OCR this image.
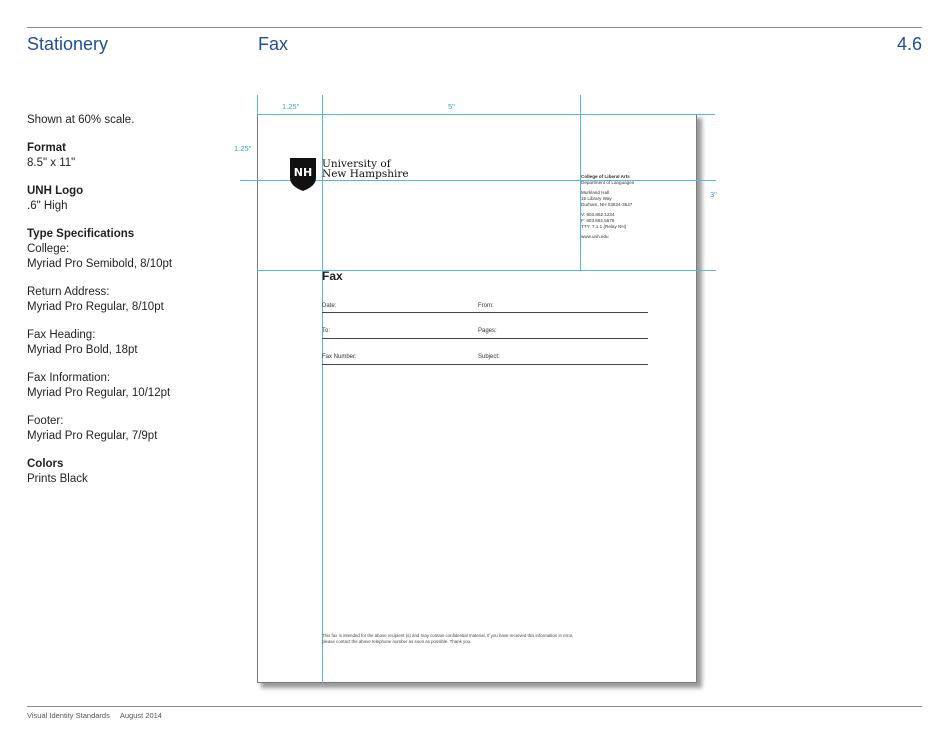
Stationery	Fax	4.6
Shown at 60% scale.
Format
8.5" x 11"
UNH Logo
.6" High
Type Specifications
College:
Myriad Pro Semibold, 8/10pt
Return Address:
Myriad Pro Regular, 8/10pt
Fax Heading:
Myriad Pro Bold, 18pt
Fax Information:
Myriad Pro Regular, 10/12pt
Footer:
Myriad Pro Regular, 7/9pt
Colors
Prints Black
1.25"	5"
1.25"
3"
NH
University of
New Hampshire	College of Liberal Arts
Department of Languages
Murkland Hall
15 Library Way
Durham, NH 03824-3547
V: 603.862.1234
F: 603.862.5678
TTY: 7.1.1 (Relay NH)
www.unh.edu
Fax
Date:	From:
To:	Pages:
Fax Number:	Subject:
This fax is intended for the above recipient (s) and may contain confidential material. If you have received this information in error,
please contact the above telephone number as soon as possible. Thank you.
Visual Identity Standards August 2014
